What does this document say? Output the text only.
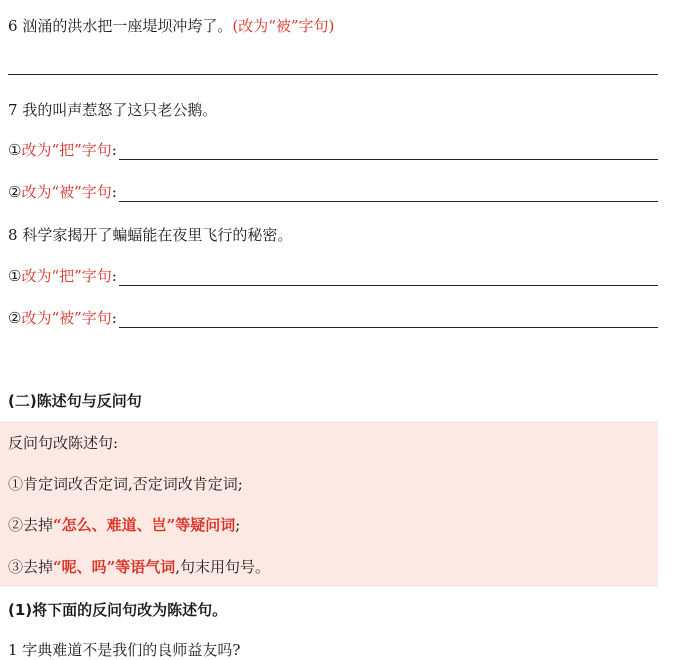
6 汹涌的洪水把一座堤坝冲垮了。(改为“被”字句)
7 我的叫声惹怒了这只老公鹅。
① 改为“把”字句 :
② 改为“被”字句 :
8 科学家揭开了蝙蝠能在夜里飞行的秘密。
① 改为“把”字句 :
② 改为“被”字句 :
(二)陈述句与反问句
反问句改陈述句:
①肯定词改否定词,否定词改肯定词;
②去掉“怎么、难道、岂”等疑问词;
③去掉“呢、吗”等语气词,句末用句号。
(1)将下面的反问句改为陈述句。
1 字典难道不是我们的良师益友吗?
